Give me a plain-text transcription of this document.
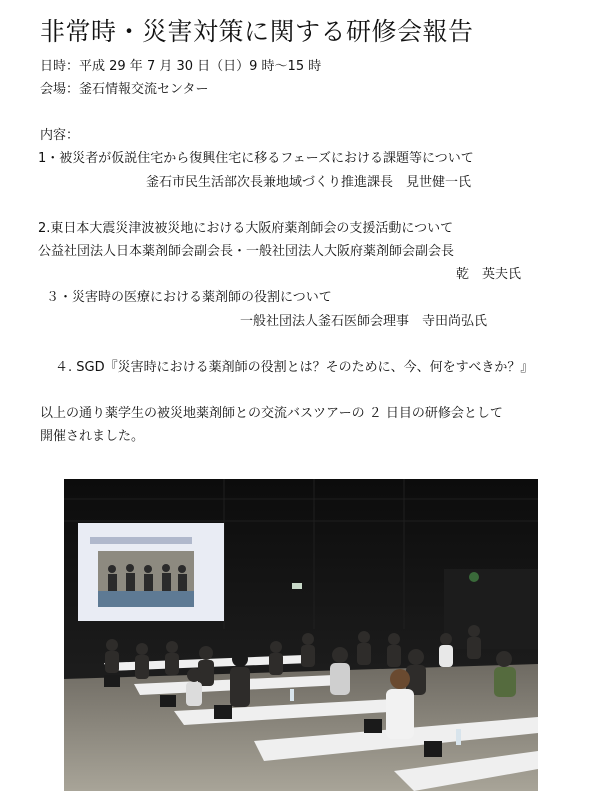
非常時・災害対策に関する研修会報告
日時：平成 29 年 7 月 30 日（日）9 時～15 時
会場：釜石情報交流センター
内容：
1・被災者が仮説住宅から復興住宅に移るフェーズにおける課題等について
釜石市民生活部次長兼地域づくり推進課長　見世健一氏
2.東日本大震災津波被災地における大阪府薬剤師会の支援活動について
公益社団法人日本薬剤師会副会長・一般社団法人大阪府薬剤師会副会長
乾　英夫氏
３・災害時の医療における薬剤師の役割について
一般社団法人釜石医師会理事　寺田尚弘氏
４. SGD『災害時における薬剤師の役割とは？そのために、今、何をすべきか？』
以上の通り薬学生の被災地薬剤師との交流バスツアーの ２ 日目の研修会として
開催されました。
